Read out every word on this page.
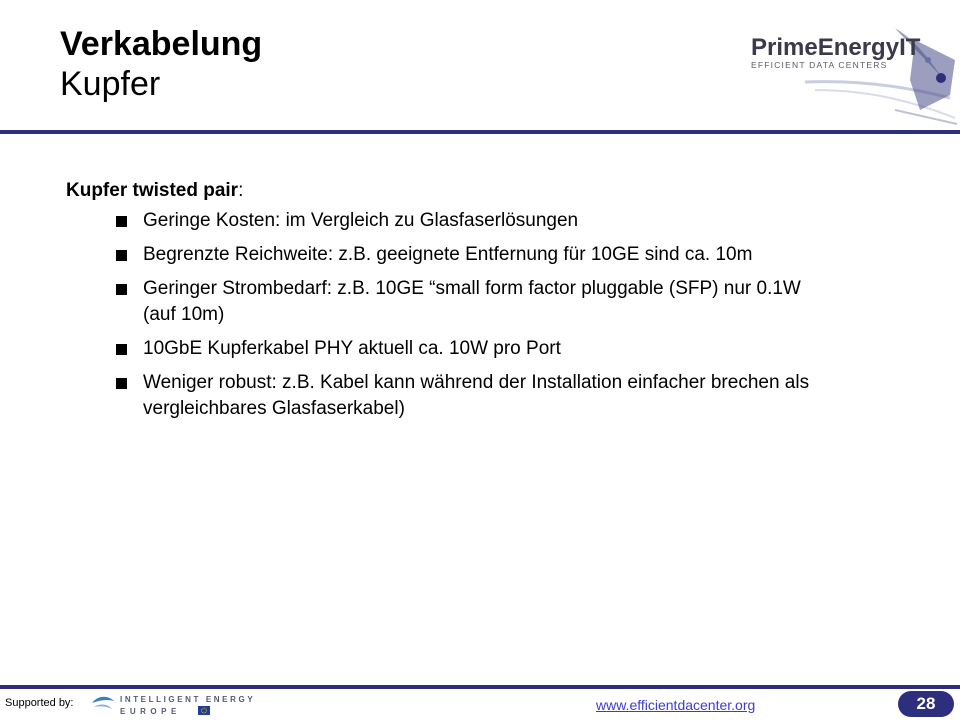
Verkabelung
Kupfer
PrimeEnergyIT
EFFICIENT DATA CENTERS
Kupfer twisted pair:
Geringe Kosten: im Vergleich zu Glasfaserlösungen
Begrenzte Reichweite: z.B. geeignete Entfernung für 10GE sind ca. 10m
Geringer Strombedarf: z.B. 10GE “small form factor pluggable (SFP) nur 0.1W (auf 10m)
10GbE Kupferkabel PHY aktuell ca. 10W pro Port
Weniger robust: z.B. Kabel kann während der Installation einfacher brechen als vergleichbares Glasfaserkabel)
Supported by:	INTELLIGENT ENERGY
EUROPE	www.efficientdacenter.org	28
